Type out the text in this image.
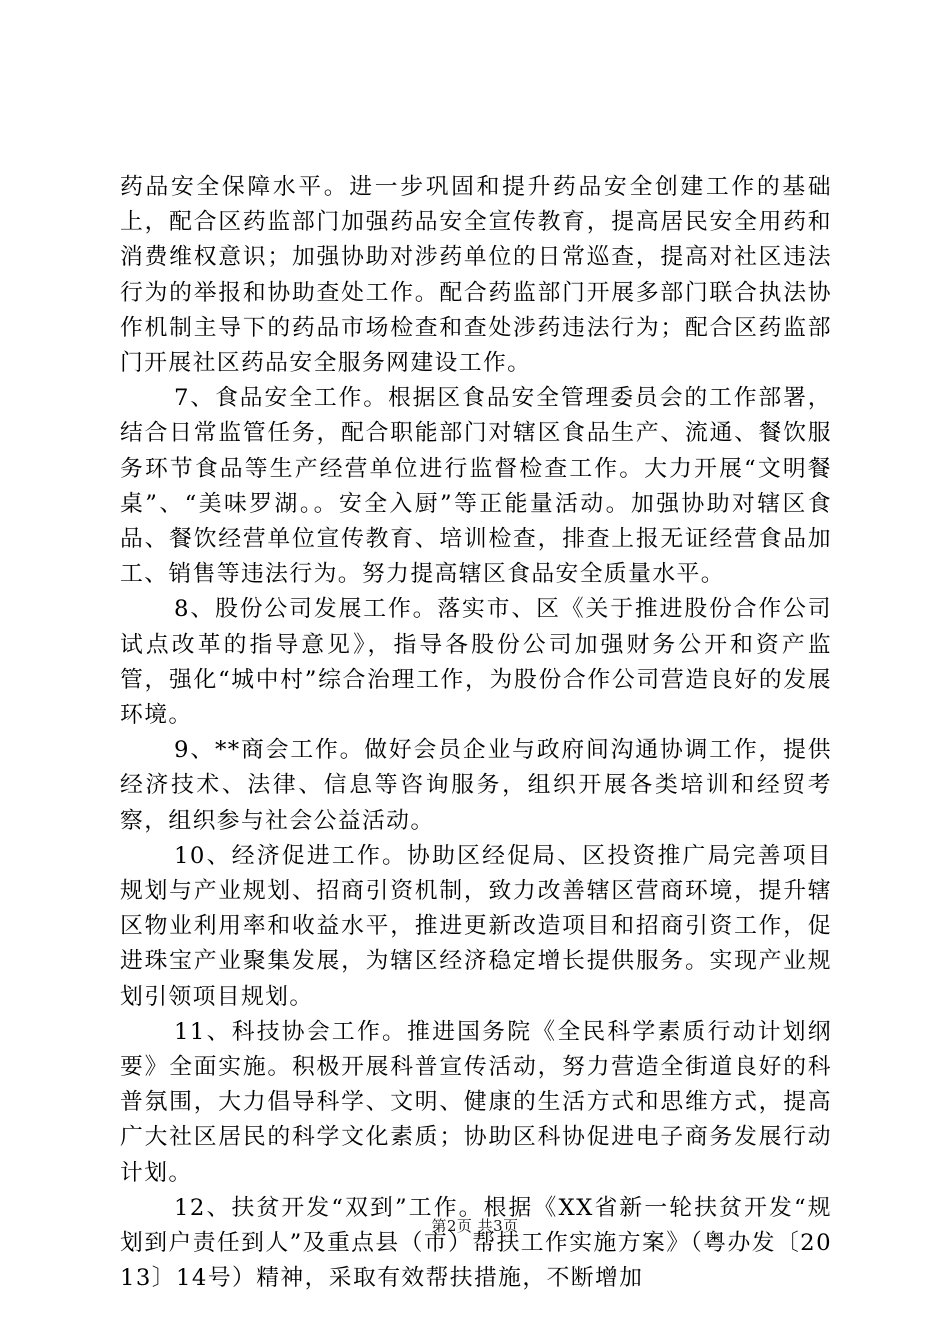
药品安全保障水平。进一步巩固和提升药品安全创建工作的基础上，配合区药监部门加强药品安全宣传教育，提高居民安全用药和消费维权意识；加强协助对涉药单位的日常巡查，提高对社区违法行为的举报和协助查处工作。配合药监部门开展多部门联合执法协作机制主导下的药品市场检查和查处涉药违法行为；配合区药监部门开展社区药品安全服务网建设工作。

7、食品安全工作。根据区食品安全管理委员会的工作部署，结合日常监管任务，配合职能部门对辖区食品生产、流通、餐饮服务环节食品等生产经营单位进行监督检查工作。大力开展“文明餐桌”、“美味罗湖。。安全入厨”等正能量活动。加强协助对辖区食品、餐饮经营单位宣传教育、培训检查，排查上报无证经营食品加工、销售等违法行为。努力提高辖区食品安全质量水平。

8、股份公司发展工作。落实市、区《关于推进股份合作公司试点改革的指导意见》，指导各股份公司加强财务公开和资产监管，强化“城中村”综合治理工作，为股份合作公司营造良好的发展环境。

9、**商会工作。做好会员企业与政府间沟通协调工作，提供经济技术、法律、信息等咨询服务，组织开展各类培训和经贸考察，组织参与社会公益活动。

10、经济促进工作。协助区经促局、区投资推广局完善项目规划与产业规划、招商引资机制，致力改善辖区营商环境，提升辖区物业利用率和收益水平，推进更新改造项目和招商引资工作，促进珠宝产业聚集发展，为辖区经济稳定增长提供服务。实现产业规划引领项目规划。

11、科技协会工作。推进国务院《全民科学素质行动计划纲要》全面实施。积极开展科普宣传活动，努力营造全街道良好的科普氛围，大力倡导科学、文明、健康的生活方式和思维方式，提高广大社区居民的科学文化素质；协助区科协促进电子商务发展行动计划。

12、扶贫开发“双到”工作。根据《XX省新一轮扶贫开发“规划到户责任到人”及重点县（市）帮扶工作实施方案》（粤办发〔2013〕14号）精神，采取有效帮扶措施，不断增加

第2页 共3页
